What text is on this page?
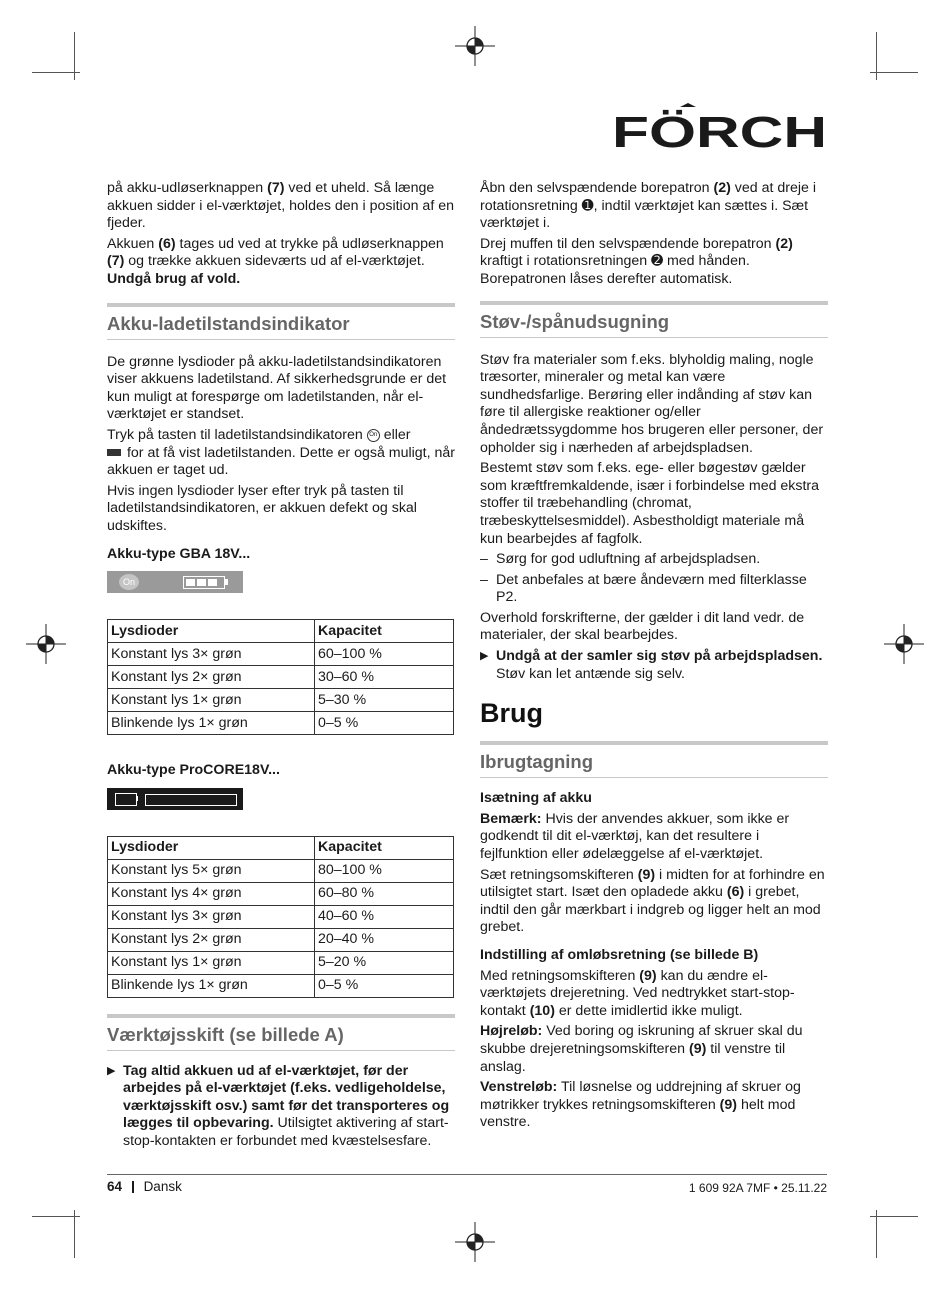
FÖRCH

på akku-udløserknappen (7) ved et uheld. Så længe akkuen sidder i el-værktøjet, holdes den i position af en fjeder.

Akkuen (6) tages ud ved at trykke på udløserknappen (7) og trække akkuen sideværts ud af el-værktøjet. Undgå brug af vold.

Akku-ladetilstandsindikator

De grønne lysdioder på akku-ladetilstandsindikatoren viser akkuens ladetilstand. Af sikkerhedsgrunde er det kun muligt at forespørge om ladetilstanden, når el-værktøjet er standset.

Tryk på tasten til ladetilstandsindikatoren On eller
for at få vist ladetilstanden. Dette er også muligt, når akkuen er taget ud.

Hvis ingen lysdioder lyser efter tryk på tasten til ladetilstandsindikatoren, er akkuen defekt og skal udskiftes.

Akku-type GBA 18V...

On
Lysdioder	Kapacitet
Konstant lys 3× grøn	60–100 %
Konstant lys 2× grøn	30–60 %
Konstant lys 1× grøn	5–30 %
Blinkende lys 1× grøn	0–5 %

Akku-type ProCORE18V...

Lysdioder	Kapacitet
Konstant lys 5× grøn	80–100 %
Konstant lys 4× grøn	60–80 %
Konstant lys 3× grøn	40–60 %
Konstant lys 2× grøn	20–40 %
Konstant lys 1× grøn	5–20 %
Blinkende lys 1× grøn	0–5 %
Værktøjsskift (se billede A)

▶ Tag altid akkuen ud af el-værktøjet, før der arbejdes på el-værktøjet (f.eks. vedligeholdelse, værktøjsskift osv.) samt før det transporteres og lægges til opbevaring. Utilsigtet aktivering af start-stop-kontakten er forbundet med kvæstelsesfare.

Åbn den selvspændende borepatron (2) ved at dreje i rotationsretning ➊, indtil værktøjet kan sættes i. Sæt værktøjet i.

Drej muffen til den selvspændende borepatron (2) kraftigt i rotationsretningen ➋ med hånden. Borepatronen låses derefter automatisk.

Støv-/spånudsugning

Støv fra materialer som f.eks. blyholdig maling, nogle træsorter, mineraler og metal kan være sundhedsfarlige. Berøring eller indånding af støv kan føre til allergiske reaktioner og/eller åndedrætssygdomme hos brugeren eller personer, der opholder sig i nærheden af arbejdspladsen.

Bestemt støv som f.eks. ege- eller bøgestøv gælder som kræftfremkaldende, især i forbindelse med ekstra stoffer til træbehandling (chromat, træbeskyttelsesmiddel). Asbestholdigt materiale må kun bearbejdes af fagfolk.

– Sørg for god udluftning af arbejdspladsen.

– Det anbefales at bære åndeværn med filterklasse P2.

Overhold forskrifterne, der gælder i dit land vedr. de materialer, der skal bearbejdes.

▶ Undgå at der samler sig støv på arbejdspladsen. Støv kan let antænde sig selv.

Brug
Ibrugtagning

Isætning af akku

Bemærk: Hvis der anvendes akkuer, som ikke er godkendt til dit el-værktøj, kan det resultere i fejlfunktion eller ødelæggelse af el-værktøjet.

Sæt retningsomskifteren (9) i midten for at forhindre en utilsigtet start. Isæt den opladede akku (6) i grebet, indtil den går mærkbart i indgreb og ligger helt an mod grebet.

Indstilling af omløbsretning (se billede B)

Med retningsomskifteren (9) kan du ændre el-værktøjets drejeretning. Ved nedtrykket start-stop-kontakt (10) er dette imidlertid ikke muligt.

Højreløb: Ved boring og iskruning af skruer skal du skubbe drejeretningsomskifteren (9) til venstre til anslag.

Venstreløb: Til løsnelse og uddrejning af skruer og møtrikker trykkes retningsomskifteren (9) helt mod venstre.

64 Dansk	1 609 92A 7MF • 25.11.22
